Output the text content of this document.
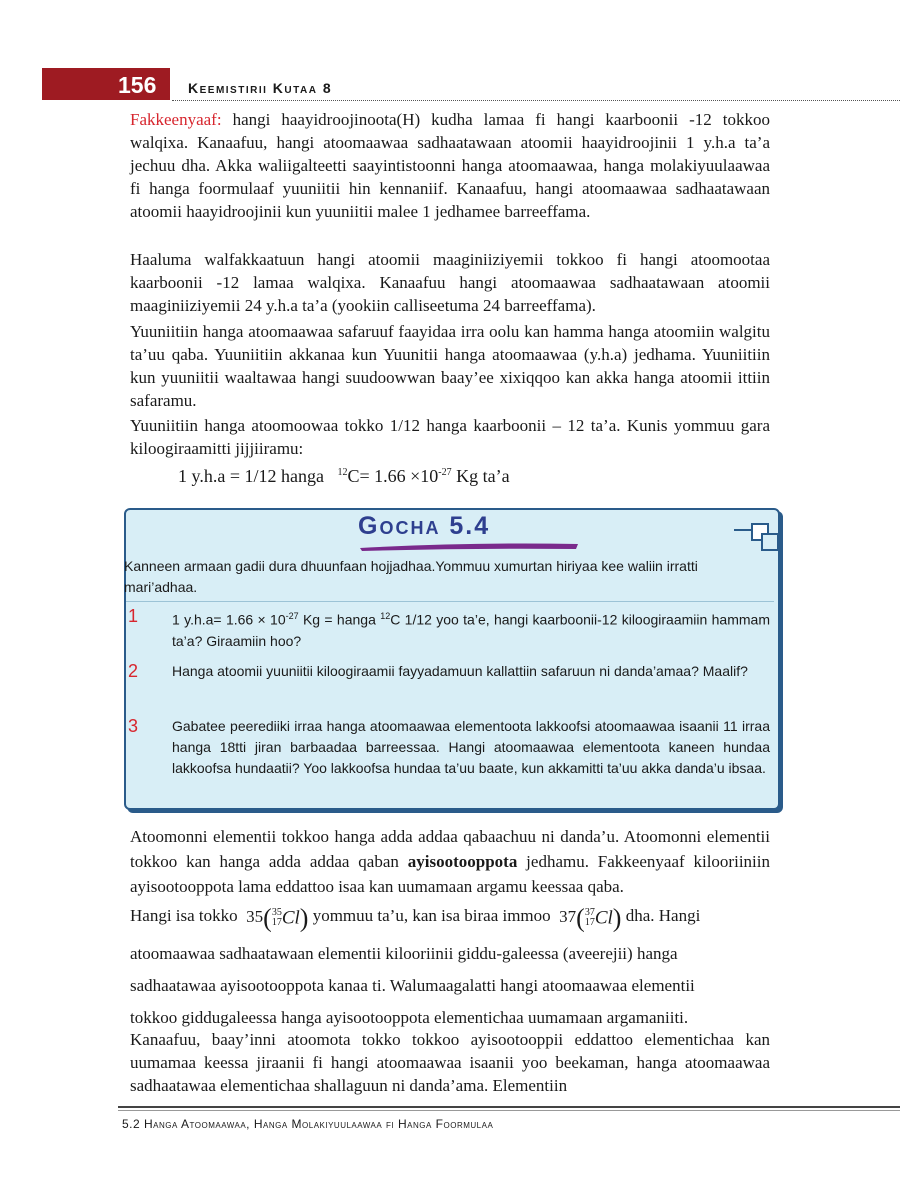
156 Keemistirii Kutaa 8

Fakkeenyaaf: hangi haayidroojinoota(H) kudha lamaa fi hangi kaarboonii -12 tokkoo walqixa. Kanaafuu, hangi atoomaawaa sadhaatawaan atoomii haayidroojinii 1 y.h.a ta’a jechuu dha. Akka waliigalteetti saayintistoonni hanga atoomaawaa, hanga molakiyuulaawaa fi hanga foormulaaf yuuniitii hin kennaniif. Kanaafuu, hangi atoomaawaa sadhaatawaan atoomii haayidroojinii kun yuuniitii malee 1 jedhamee barreeffama.

Haaluma walfakkaatuun hangi atoomii maaginiiziyemii tokkoo fi hangi atoomootaa kaarboonii -12 lamaa walqixa. Kanaafuu hangi atoomaawaa sadhaatawaan atoomii maaginiiziyemii 24 y.h.a ta’a (yookiin calliseetuma 24 barreeffama).

Yuuniitiin hanga atoomaawaa safaruuf faayidaa irra oolu kan hamma hanga atoomiin walgitu ta’uu qaba. Yuuniitiin akkanaa kun Yuunitii hanga atoomaawaa (y.h.a) jedhama. Yuuniitiin kun yuuniitii waaltawaa hangi suudoowwan baay’ee xixiqqoo kan akka hanga atoomii ittiin safaramu.

Yuuniitiin hanga atoomoowaa tokko 1/12 hanga kaarboonii – 12 ta’a. Kunis yommuu gara kiloogiraamitti jijjiiramu:

1 y.h.a = 1/12 hanga $^{12}C= 1.66 \times 10^{-27}$ Kg ta’a
Gocha 5.4

Kanneen armaan gadii dura dhuunfaan hojjadhaa.Yommuu xumurtan hiriyaa kee waliin irratti mari’adhaa.

1 1 $y.h.a= 1.66 \times 10^{-27}$ Kg = hanga $^{12}$C 1/12 yoo ta’e, hangi kaarboonii-12 kiloogiraamiin hammam ta’a? Giraamiin hoo?

2 Hanga atoomii yuuniitii kiloogiraamii fayyadamuun kallattiin safaruun ni danda’amaa? Maalif?

3 Gabatee peerediiki irraa hanga atoomaawaa elementoota lakkoofsi atoomaawaa isaanii 11 irraa hanga 18tti jiran barbaadaa barreessaa. Hangi atoomaawaa elementoota kaneen hundaa lakkoofsa hundaatii? Yoo lakkoofsa hundaa ta’uu baate, kun akkamitti ta’uu akka danda’u ibsaa.

Atoomonni elementii tokkoo hanga adda addaa qabaachuu ni danda’u. Atoomonni elementii tokkoo kan hanga adda addaa qaban ayisootooppota jedhamu. Fakkeenyaaf kilooriiniin ayisootooppota lama eddattoo isaa kan uumamaan argamu keessaa qaba.

Hangi isa tokko 35(35
17Cl) yommuu ta’u, kan isa biraa immoo 37(37
17Cl) dha. Hangi

atoomaawaa sadhaatawaan elementii kilooriinii giddu-galeessa (aveerejii) hanga

sadhaatawaa ayisootooppota kanaa ti. Walumaagalatti hangi atoomaawaa elementii

tokkoo giddugaleessa hanga ayisootooppota elementichaa uumamaan argamaniiti.

Kanaafuu, baay’inni atoomota tokko tokkoo ayisootooppii eddattoo elementichaa kan uumamaa keessa jiraanii fi hangi atoomaawaa isaanii yoo beekaman, hanga atoomaawaa sadhaatawaa elementichaa shallaguun ni danda’ama. Elementiin

5.2 Hanga Atoomaawaa, Hanga Molakiyuulaawaa fi Hanga Foormulaa
